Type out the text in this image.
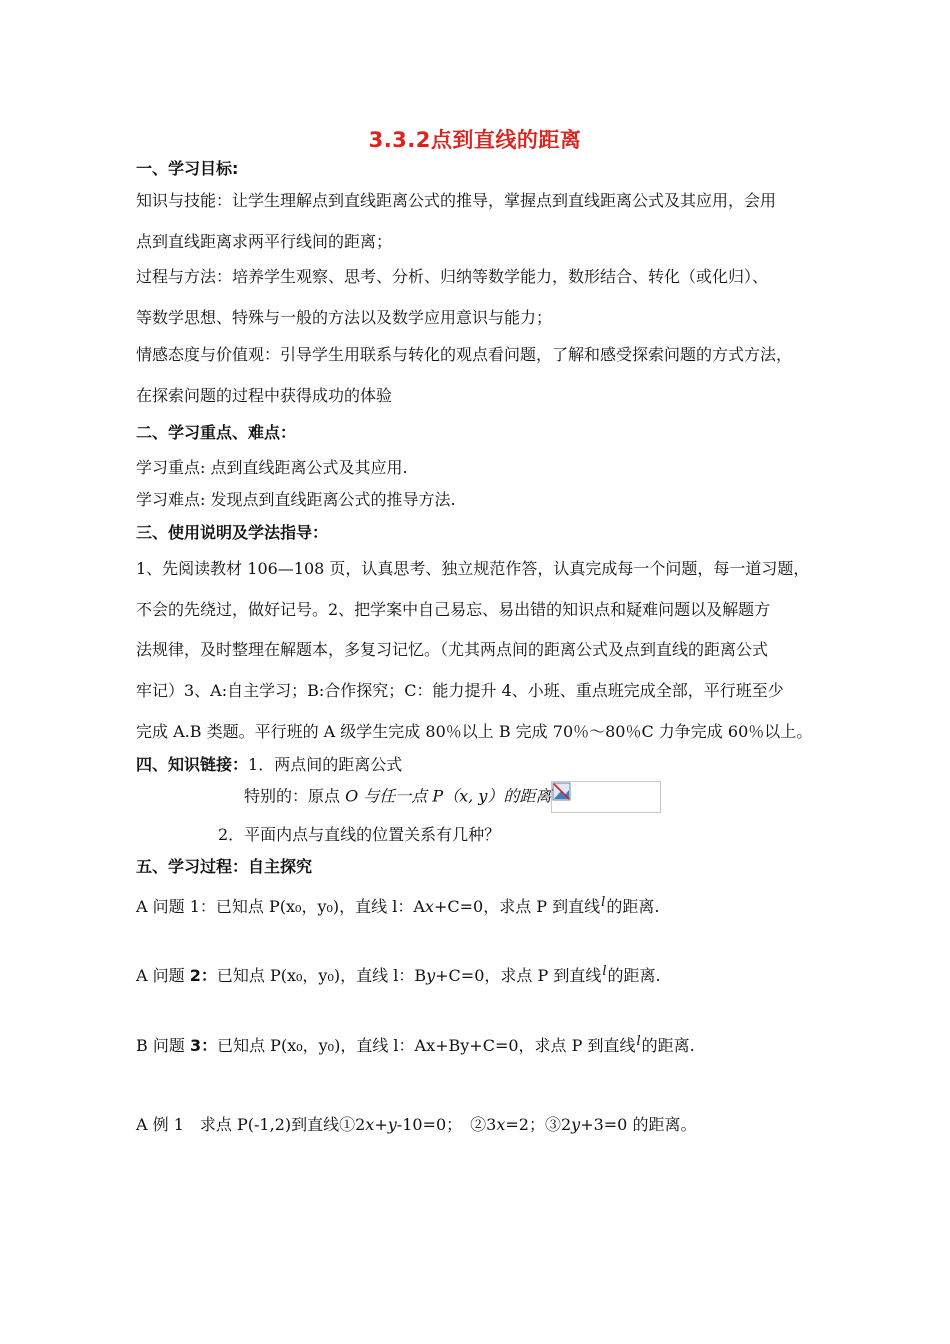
3.3.2点到直线的距离
一、学习目标:
知识与技能：让学生理解点到直线距离公式的推导，掌握点到直线距离公式及其应用，会用
点到直线距离求两平行线间的距离；
过程与方法：培养学生观察、思考、分析、归纳等数学能力，数形结合、转化（或化归）、
等数学思想、特殊与一般的方法以及数学应用意识与能力；
情感态度与价值观：引导学生用联系与转化的观点看问题，了解和感受探索问题的方式方法，
在探索问题的过程中获得成功的体验
二、学习重点、难点：
学习重点: 点到直线距离公式及其应用.
学习难点: 发现点到直线距离公式的推导方法.
三、使用说明及学法指导：
1、先阅读教材 106—108 页，认真思考、独立规范作答，认真完成每一个问题，每一道习题，
不会的先绕过，做好记号。2、把学案中自己易忘、易出错的知识点和疑难问题以及解题方
法规律，及时整理在解题本，多复习记忆。（尤其两点间的距离公式及点到直线的距离公式
牢记）3、A:自主学习；B:合作探究；C：能力提升 4、小班、重点班完成全部，平行班至少
完成 A.B 类题。平行班的 A 级学生完成 80％以上 B 完成 70％～80％C 力争完成 60％以上。
四、知识链接：1．两点间的距离公式
特别的：原点 O 与任一点 P（x, y）的距离
2．平面内点与直线的位置关系有几种？
五、学习过程：自主探究
A 问题 1：已知点 P(x₀，y₀)，直线 l：Ax+C=0，求点 P 到直线$^l$的距离.
A 问题 2：已知点 P(x₀，y₀)，直线 l：By+C=0，求点 P 到直线$^l$的距离.
B 问题 3：已知点 P(x₀，y₀)，直线 l：Ax+By+C=0，求点 P 到直线$^l$的距离.
A 例 1　求点 P(-1,2)到直线①2x+y-10=0；　②3x=2；③2y+3=0 的距离。
